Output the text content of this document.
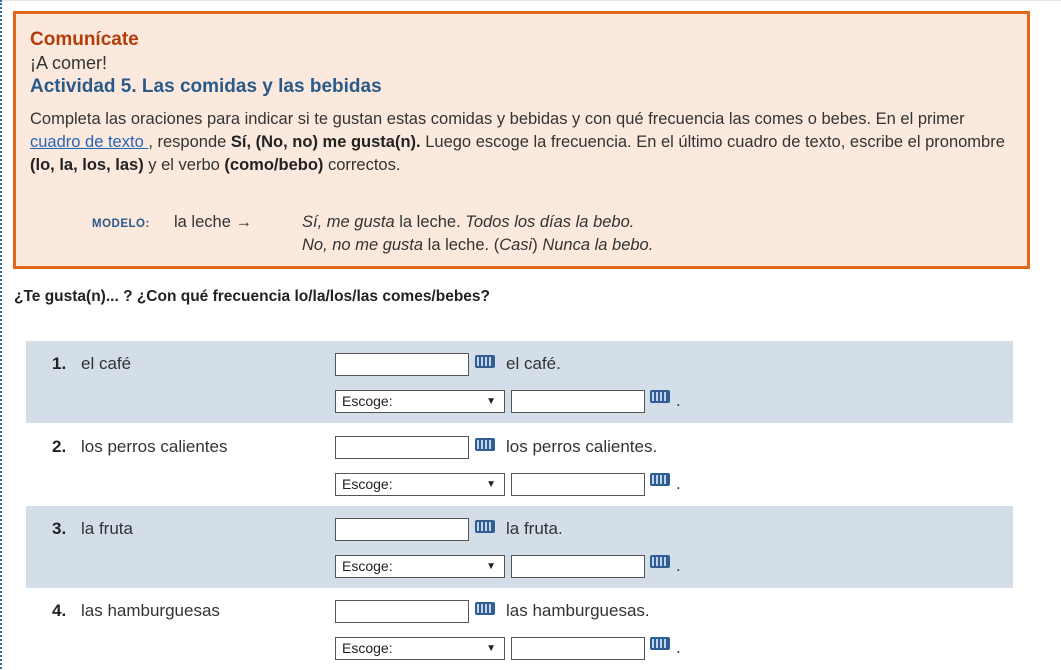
Comunícate
¡A comer!
Actividad 5. Las comidas y las bebidas
Completa las oraciones para indicar si te gustan estas comidas y bebidas y con qué frecuencia las comes o bebes. En el primer cuadro de texto , responde Sí, (No, no) me gusta(n). Luego escoge la frecuencia. En el último cuadro de texto, escribe el pronombre (lo, la, los, las) y el verbo (como/bebo) correctos.
MODELO: la leche →	Sí, me gusta la leche. Todos los días la bebo.
No, no me gusta la leche. (Casi) Nunca la bebo.
¿Te gusta(n)... ? ¿Con qué frecuencia lo/la/los/las comes/bebes?
1. el café	el café.
Escoge:	▼	.
2. los perros calientes	los perros calientes.
Escoge:	▼	.
3. la fruta	la fruta.
Escoge:	▼	.
4. las hamburguesas	las hamburguesas.
Escoge:	▼	.
